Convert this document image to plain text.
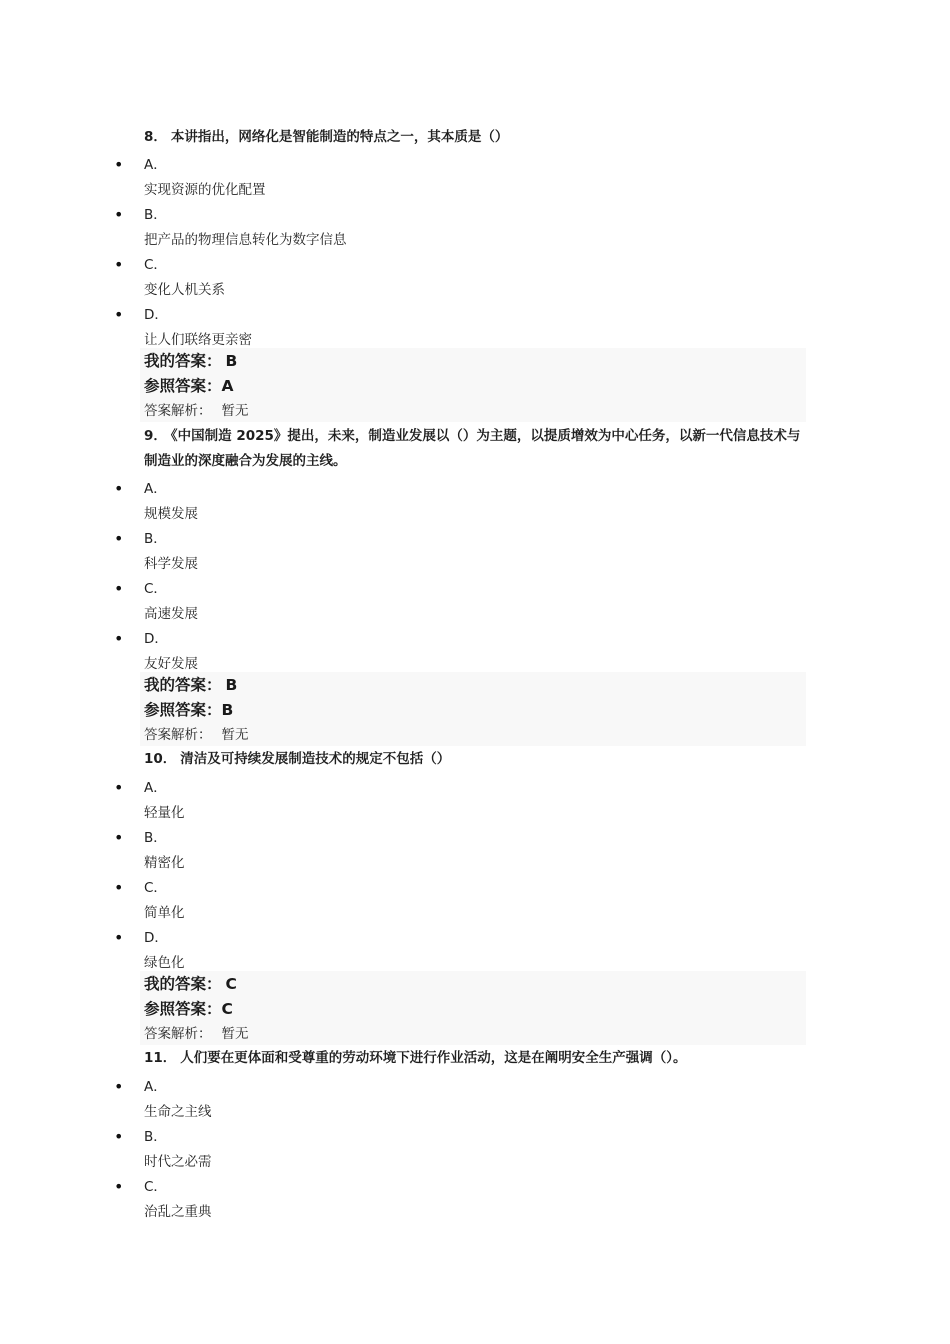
8． 本讲指出，网络化是智能制造的特点之一，其本质是（）

•
A．
实现资源的优化配置
•
B．
把产品的物理信息转化为数字信息
•
C．
变化人机关系
•
D．
让人们联络更亲密
我的答案： B
参照答案：A
答案解析： 暂无

9． 《中国制造 2025》提出，未来，制造业发展以（）为主题，以提质增效为中心任务，以新一代信息技术与制造业的深度融合为发展的主线。

•
A．
规模发展
•
B．
科学发展
•
C．
高速发展
•
D．
友好发展
我的答案： B
参照答案：B
答案解析： 暂无

10． 清洁及可持续发展制造技术的规定不包括（）

•
A．
轻量化
•
B．
精密化
•
C．
简单化
•
D．
绿色化
我的答案： C
参照答案：C
答案解析： 暂无

11． 人们要在更体面和受尊重的劳动环境下进行作业活动，这是在阐明安全生产强调（）。

•
A．
生命之主线
•
B．
时代之必需
•
C．
治乱之重典
